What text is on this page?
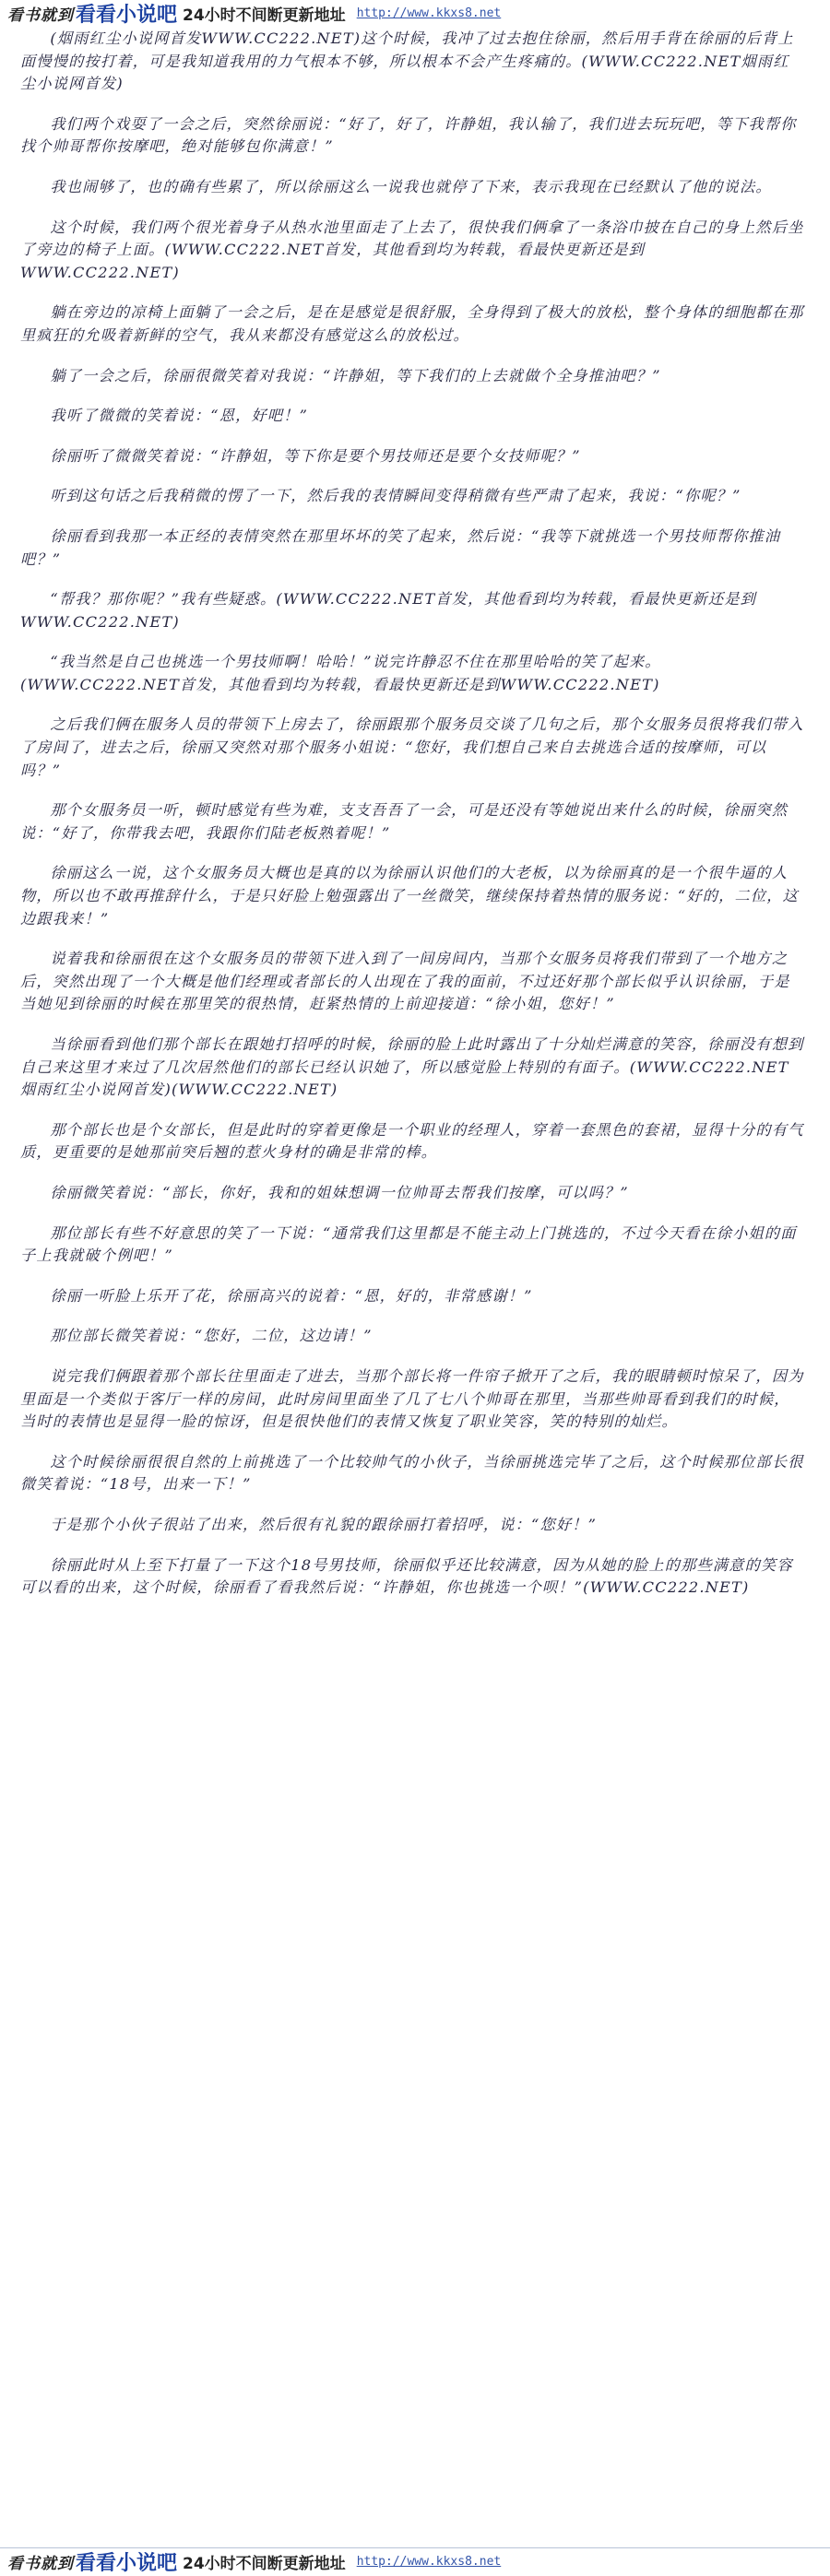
看书就到 看看小说吧 24小时不间断更新地址 http://www.kkxs8.net

(烟雨红尘小说网首发WWW.CC222.NET)这个时候，我冲了过去抱住徐丽，然后用手背在徐丽的后背上面慢慢的按打着，可是我知道我用的力气根本不够，所以根本不会产生疼痛的。(WWW.CC222.NET烟雨红尘小说网首发)

我们两个戏耍了一会之后，突然徐丽说：“好了，好了，许静姐，我认输了，我们进去玩玩吧，等下我帮你找个帅哥帮你按摩吧，绝对能够包你满意！”

我也闹够了，也的确有些累了，所以徐丽这么一说我也就停了下来，表示我现在已经默认了他的说法。

这个时候，我们两个很光着身子从热水池里面走了上去了，很快我们俩拿了一条浴巾披在自己的身上然后坐了旁边的椅子上面。(WWW.CC222.NET首发，其他看到均为转载，看最快更新还是到WWW.CC222.NET)

躺在旁边的凉椅上面躺了一会之后，是在是感觉是很舒服，全身得到了极大的放松，整个身体的细胞都在那里疯狂的允吸着新鲜的空气，我从来都没有感觉这么的放松过。

躺了一会之后，徐丽很微笑着对我说：“许静姐，等下我们的上去就做个全身推油吧？”

我听了微微的笑着说：“恩，好吧！”

徐丽听了微微笑着说：“许静姐，等下你是要个男技师还是要个女技师呢？”

听到这句话之后我稍微的愣了一下，然后我的表情瞬间变得稍微有些严肃了起来，我说：“你呢？”

徐丽看到我那一本正经的表情突然在那里坏坏的笑了起来，然后说：“我等下就挑选一个男技师帮你推油吧？”

“帮我？那你呢？”我有些疑惑。(WWW.CC222.NET首发，其他看到均为转载，看最快更新还是到WWW.CC222.NET)

“我当然是自己也挑选一个男技师啊！哈哈！”说完许静忍不住在那里哈哈的笑了起来。(WWW.CC222.NET首发，其他看到均为转载，看最快更新还是到WWW.CC222.NET)

之后我们俩在服务人员的带领下上房去了，徐丽跟那个服务员交谈了几句之后，那个女服务员很将我们带入了房间了，进去之后，徐丽又突然对那个服务小姐说：“您好，我们想自己来自去挑选合适的按摩师，可以吗？”

那个女服务员一听，顿时感觉有些为难，支支吾吾了一会，可是还没有等她说出来什么的时候，徐丽突然说：“好了，你带我去吧，我跟你们陆老板熟着呢！”

徐丽这么一说，这个女服务员大概也是真的以为徐丽认识他们的大老板，以为徐丽真的是一个很牛逼的人物，所以也不敢再推辞什么，于是只好脸上勉强露出了一丝微笑，继续保持着热情的服务说：“好的，二位，这边跟我来！”

说着我和徐丽很在这个女服务员的带领下进入到了一间房间内，当那个女服务员将我们带到了一个地方之后，突然出现了一个大概是他们经理或者部长的人出现在了我的面前，不过还好那个部长似乎认识徐丽，于是当她见到徐丽的时候在那里笑的很热情，赶紧热情的上前迎接道：“徐小姐，您好！”

当徐丽看到他们那个部长在跟她打招呼的时候，徐丽的脸上此时露出了十分灿烂满意的笑容，徐丽没有想到自己来这里才来过了几次居然他们的部长已经认识她了，所以感觉脸上特别的有面子。(WWW.CC222.NET烟雨红尘小说网首发)(WWW.CC222.NET)

那个部长也是个女部长，但是此时的穿着更像是一个职业的经理人，穿着一套黑色的套裙，显得十分的有气质，更重要的是她那前突后翘的惹火身材的确是非常的棒。

徐丽微笑着说：“部长，你好，我和的姐妹想调一位帅哥去帮我们按摩，可以吗？”

那位部长有些不好意思的笑了一下说：“通常我们这里都是不能主动上门挑选的，不过今天看在徐小姐的面子上我就破个例吧！”

徐丽一听脸上乐开了花，徐丽高兴的说着：“恩，好的，非常感谢！”

那位部长微笑着说：“您好，二位，这边请！”

说完我们俩跟着那个部长往里面走了进去，当那个部长将一件帘子掀开了之后，我的眼睛顿时惊呆了，因为里面是一个类似于客厅一样的房间，此时房间里面坐了几了七八个帅哥在那里，当那些帅哥看到我们的时候，当时的表情也是显得一脸的惊讶，但是很快他们的表情又恢复了职业笑容，笑的特别的灿烂。

这个时候徐丽很很自然的上前挑选了一个比较帅气的小伙子，当徐丽挑选完毕了之后，这个时候那位部长很微笑着说：“18号，出来一下！”

于是那个小伙子很站了出来，然后很有礼貌的跟徐丽打着招呼，说：“您好！”

徐丽此时从上至下打量了一下这个18号男技师，徐丽似乎还比较满意，因为从她的脸上的那些满意的笑容可以看的出来，这个时候，徐丽看了看我然后说：“许静姐，你也挑选一个呗！”(WWW.CC222.NET)

看书就到 看看小说吧 24小时不间断更新地址 http://www.kkxs8.net
